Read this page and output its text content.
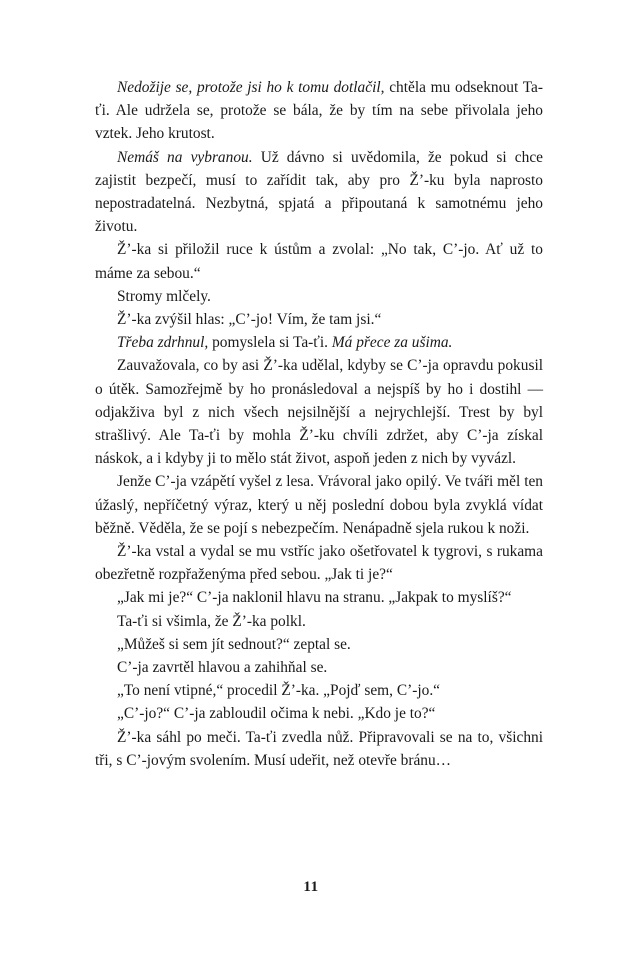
Nedožije se, protože jsi ho k tomu dotlačil, chtěla mu odseknout Ta-ťi. Ale udržela se, protože se bála, že by tím na sebe přivolala jeho vztek. Jeho krutost.

Nemáš na vybranou. Už dávno si uvědomila, že pokud si chce zajistit bezpečí, musí to zařídit tak, aby pro Ž’-ku byla naprosto nepostradatelná. Nezbytná, spjatá a připoutaná k samotnému jeho životu.

Ž’-ka si přiložil ruce k ústům a zvolal: „No tak, C’-jo. Ať už to máme za sebou.“

Stromy mlčely.

Ž’-ka zvýšil hlas: „C’-jo! Vím, že tam jsi.“

Třeba zdrhnul, pomyslela si Ta-ťi. Má přece za ušima.

Zauvažovala, co by asi Ž’-ka udělal, kdyby se C’-ja opravdu pokusil o útěk. Samozřejmě by ho pronásledoval a nejspíš by ho i dostihl — odjakživa byl z nich všech nejsilnější a nejrychlejší. Trest by byl strašlivý. Ale Ta-ťi by mohla Ž’-ku chvíli zdržet, aby C’-ja získal náskok, a i kdyby ji to mělo stát život, aspoň jeden z nich by vyvázl.

Jenže C’-ja vzápětí vyšel z lesa. Vrávoral jako opilý. Ve tváři měl ten úžaslý, nepříčetný výraz, který u něj poslední dobou byla zvyklá vídat běžně. Věděla, že se pojí s nebezpečím. Nenápadně sjela rukou k noži.

Ž’-ka vstal a vydal se mu vstříc jako ošetřovatel k tygrovi, s rukama obezřetně rozpřaženýma před sebou. „Jak ti je?“

„Jak mi je?“ C’-ja naklonil hlavu na stranu. „Jakpak to myslíš?“

Ta-ťi si všimla, že Ž’-ka polkl.

„Můžeš si sem jít sednout?“ zeptal se.

C’-ja zavrtěl hlavou a zahihňal se.

„To není vtipné,“ procedil Ž’-ka. „Pojď sem, C’-jo.“

„C’-jo?“ C’-ja zabloudil očima k nebi. „Kdo je to?“

Ž’-ka sáhl po meči. Ta-ťi zvedla nůž. Připravovali se na to, všichni tři, s C’-jovým svolením. Musí udeřit, než otevře bránu…

11
